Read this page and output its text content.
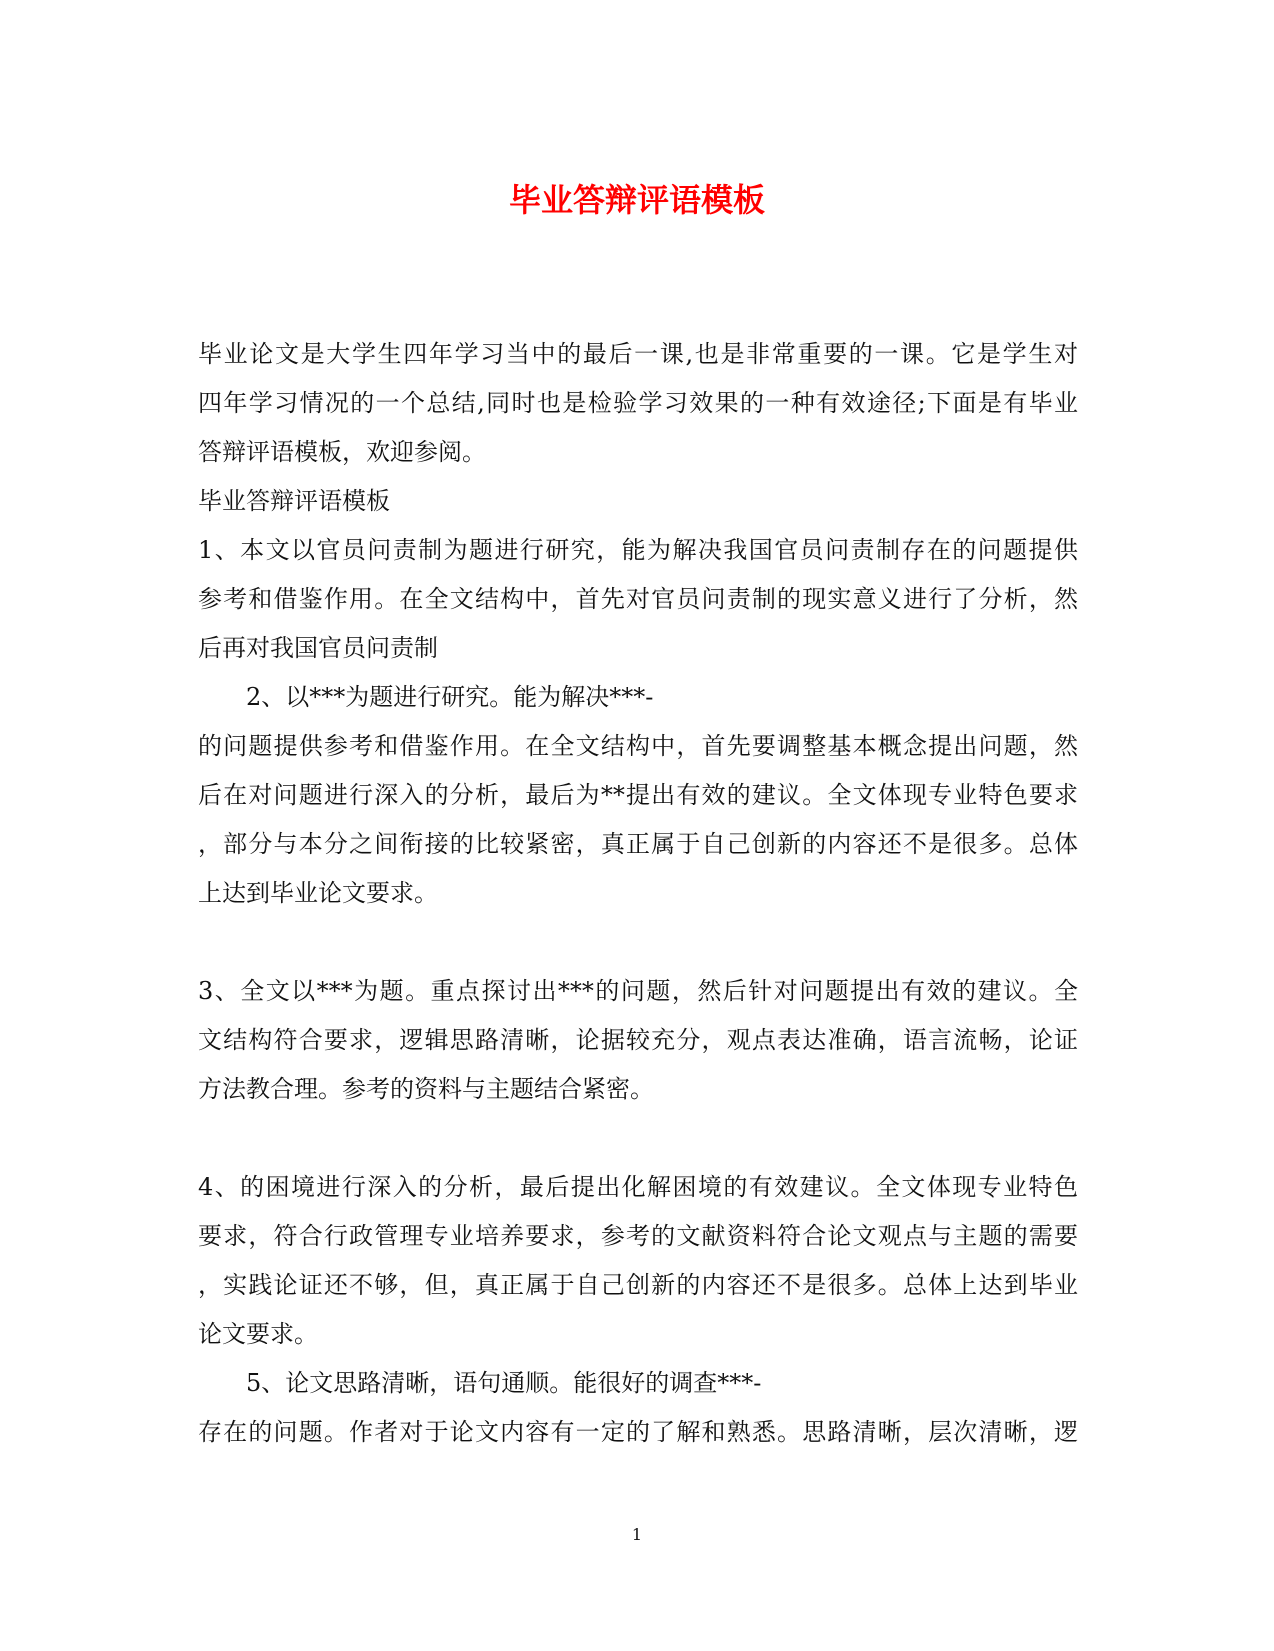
毕业答辩评语模板
毕业论文是大学生四年学习当中的最后一课,也是非常重要的一课。它是学生对
四年学习情况的一个总结,同时也是检验学习效果的一种有效途径;下面是有毕业
答辩评语模板，欢迎参阅。
毕业答辩评语模板
1、本文以官员问责制为题进行研究，能为解决我国官员问责制存在的问题提供
参考和借鉴作用。在全文结构中，首先对官员问责制的现实意义进行了分析，然
后再对我国官员问责制
2、以***为题进行研究。能为解决***-
的问题提供参考和借鉴作用。在全文结构中，首先要调整基本概念提出问题，然
后在对问题进行深入的分析，最后为**提出有效的建议。全文体现专业特色要求
，部分与本分之间衔接的比较紧密，真正属于自己创新的内容还不是很多。总体
上达到毕业论文要求。
3、全文以***为题。重点探讨出***的问题，然后针对问题提出有效的建议。全
文结构符合要求，逻辑思路清晰，论据较充分，观点表达准确，语言流畅，论证
方法教合理。参考的资料与主题结合紧密。
4、的困境进行深入的分析，最后提出化解困境的有效建议。全文体现专业特色
要求，符合行政管理专业培养要求，参考的文献资料符合论文观点与主题的需要
，实践论证还不够，但，真正属于自己创新的内容还不是很多。总体上达到毕业
论文要求。
5、论文思路清晰，语句通顺。能很好的调查***-
存在的问题。作者对于论文内容有一定的了解和熟悉。思路清晰，层次清晰，逻
1
